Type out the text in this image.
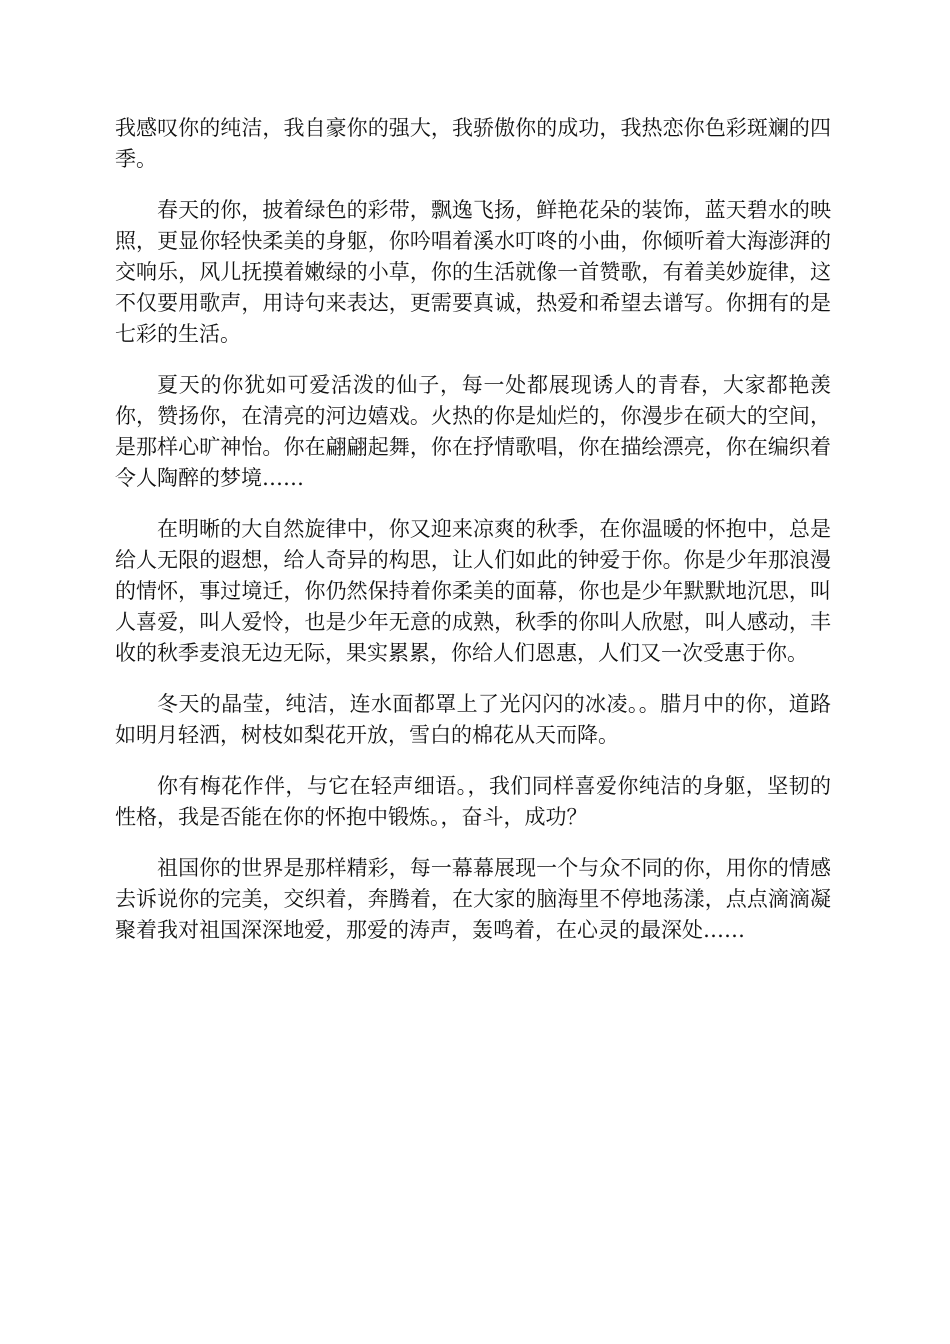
我感叹你的纯洁，我自豪你的强大，我骄傲你的成功，我热恋你色彩斑斓的四季。

春天的你，披着绿色的彩带，飘逸飞扬，鲜艳花朵的装饰，蓝天碧水的映照，更显你轻快柔美的身躯，你吟唱着溪水叮咚的小曲，你倾听着大海澎湃的交响乐，风儿抚摸着嫩绿的小草，你的生活就像一首赞歌，有着美妙旋律，这不仅要用歌声，用诗句来表达，更需要真诚，热爱和希望去谱写。你拥有的是七彩的生活。

夏天的你犹如可爱活泼的仙子，每一处都展现诱人的青春，大家都艳羡你，赞扬你，在清亮的河边嬉戏。火热的你是灿烂的，你漫步在硕大的空间，是那样心旷神怡。你在翩翩起舞，你在抒情歌唱，你在描绘漂亮，你在编织着令人陶醉的梦境……

在明晰的大自然旋律中，你又迎来凉爽的秋季，在你温暖的怀抱中，总是给人无限的遐想，给人奇异的构思，让人们如此的钟爱于你。你是少年那浪漫的情怀，事过境迁，你仍然保持着你柔美的面幕，你也是少年默默地沉思，叫人喜爱，叫人爱怜，也是少年无意的成熟，秋季的你叫人欣慰，叫人感动，丰收的秋季麦浪无边无际，果实累累，你给人们恩惠，人们又一次受惠于你。

冬天的晶莹，纯洁，连水面都罩上了光闪闪的冰凌。。腊月中的你，道路如明月轻洒，树枝如梨花开放，雪白的棉花从天而降。

你有梅花作伴，与它在轻声细语。，我们同样喜爱你纯洁的身躯，坚韧的性格，我是否能在你的怀抱中锻炼。，奋斗，成功？

祖国你的世界是那样精彩，每一幕幕展现一个与众不同的你，用你的情感去诉说你的完美，交织着，奔腾着，在大家的脑海里不停地荡漾，点点滴滴凝聚着我对祖国深深地爱，那爱的涛声，轰鸣着，在心灵的最深处……
